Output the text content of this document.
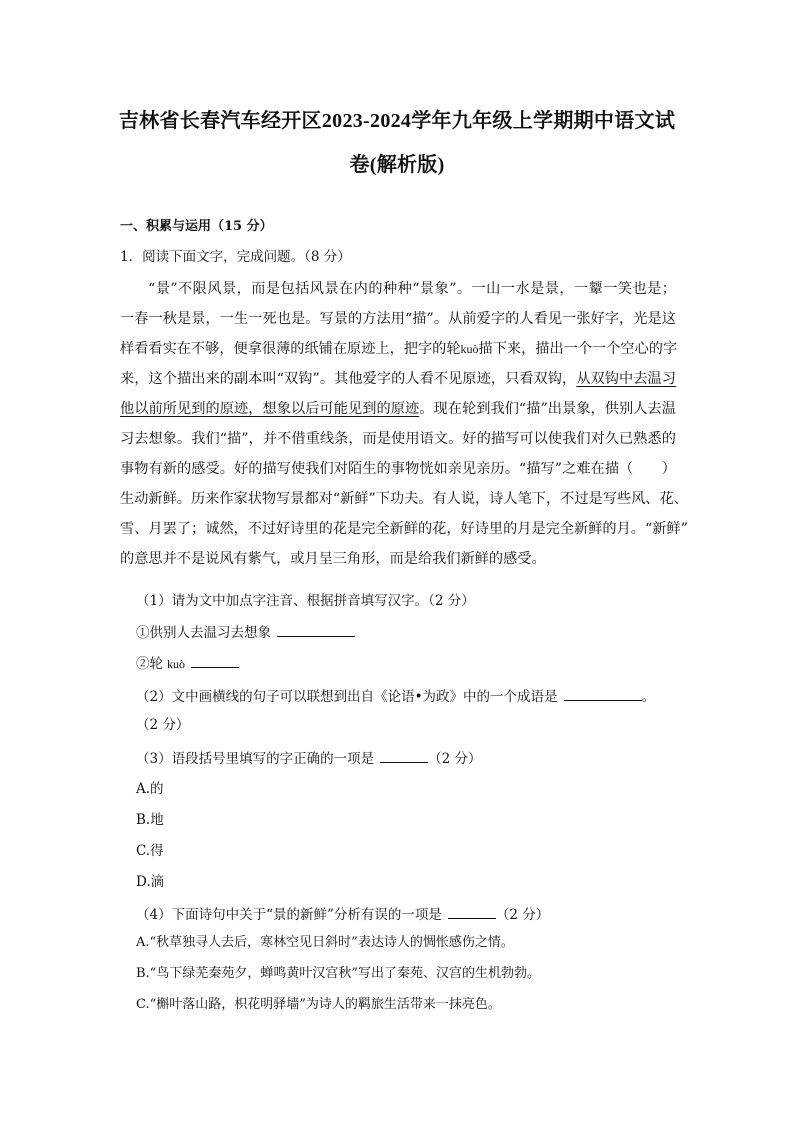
吉林省长春汽车经开区2023-2024学年九年级上学期期中语文试
卷(解析版)
一、积累与运用（15 分）
1．阅读下面文字，完成问题。（8 分）
“景”不限风景，而是包括风景在内的种种“景象”。一山一水是景，一颦一笑也是；
一春一秋是景，一生一死也是。写景的方法用“描”。从前爱字的人看见一张好字，光是这
样看看实在不够，便拿很薄的纸铺在原迹上，把字的轮kuò描下来，描出一个一个空心的字
来，这个描出来的副本叫“双钩”。其他爱字的人看不见原迹，只看双钩，从双钩中去温习
他以前所见到的原迹，想象以后可能见到的原迹。现在轮到我们“描”出景象，供别人去温
习去想象。我们“描”，并不借重线条，而是使用语文。好的描写可以使我们对久已熟悉的
事物有新的感受。好的描写使我们对陌生的事物恍如亲见亲历。“描写”之难在描（　　）
生动新鲜。历来作家状物写景都对“新鲜”下功夫。有人说，诗人笔下，不过是写些风、花、
雪、月罢了；诚然，不过好诗里的花是完全新鲜的花，好诗里的月是完全新鲜的月。“新鲜”
的意思并不是说风有紫气，或月呈三角形，而是给我们新鲜的感受。
（1）请为文中加点字注音、根据拼音填写汉字。（2 分）
①供别人去温习去想象
②轮 kuò
（2）文中画横线的句子可以联想到出自《论语•为政》中的一个成语是	。
（2 分）
（3）语段括号里填写的字正确的一项是	（2 分）
A.的
B.地
C.得
D.滴
（4）下面诗句中关于“景的新鲜”分析有误的一项是	（2 分）
A.“秋草独寻人去后，寒林空见日斜时”表达诗人的惆怅感伤之情。
B.“鸟下绿芜秦苑夕，蝉鸣黄叶汉宫秋”写出了秦苑、汉宫的生机勃勃。
C.“槲叶落山路，枳花明驿墙”为诗人的羁旅生活带来一抹亮色。
